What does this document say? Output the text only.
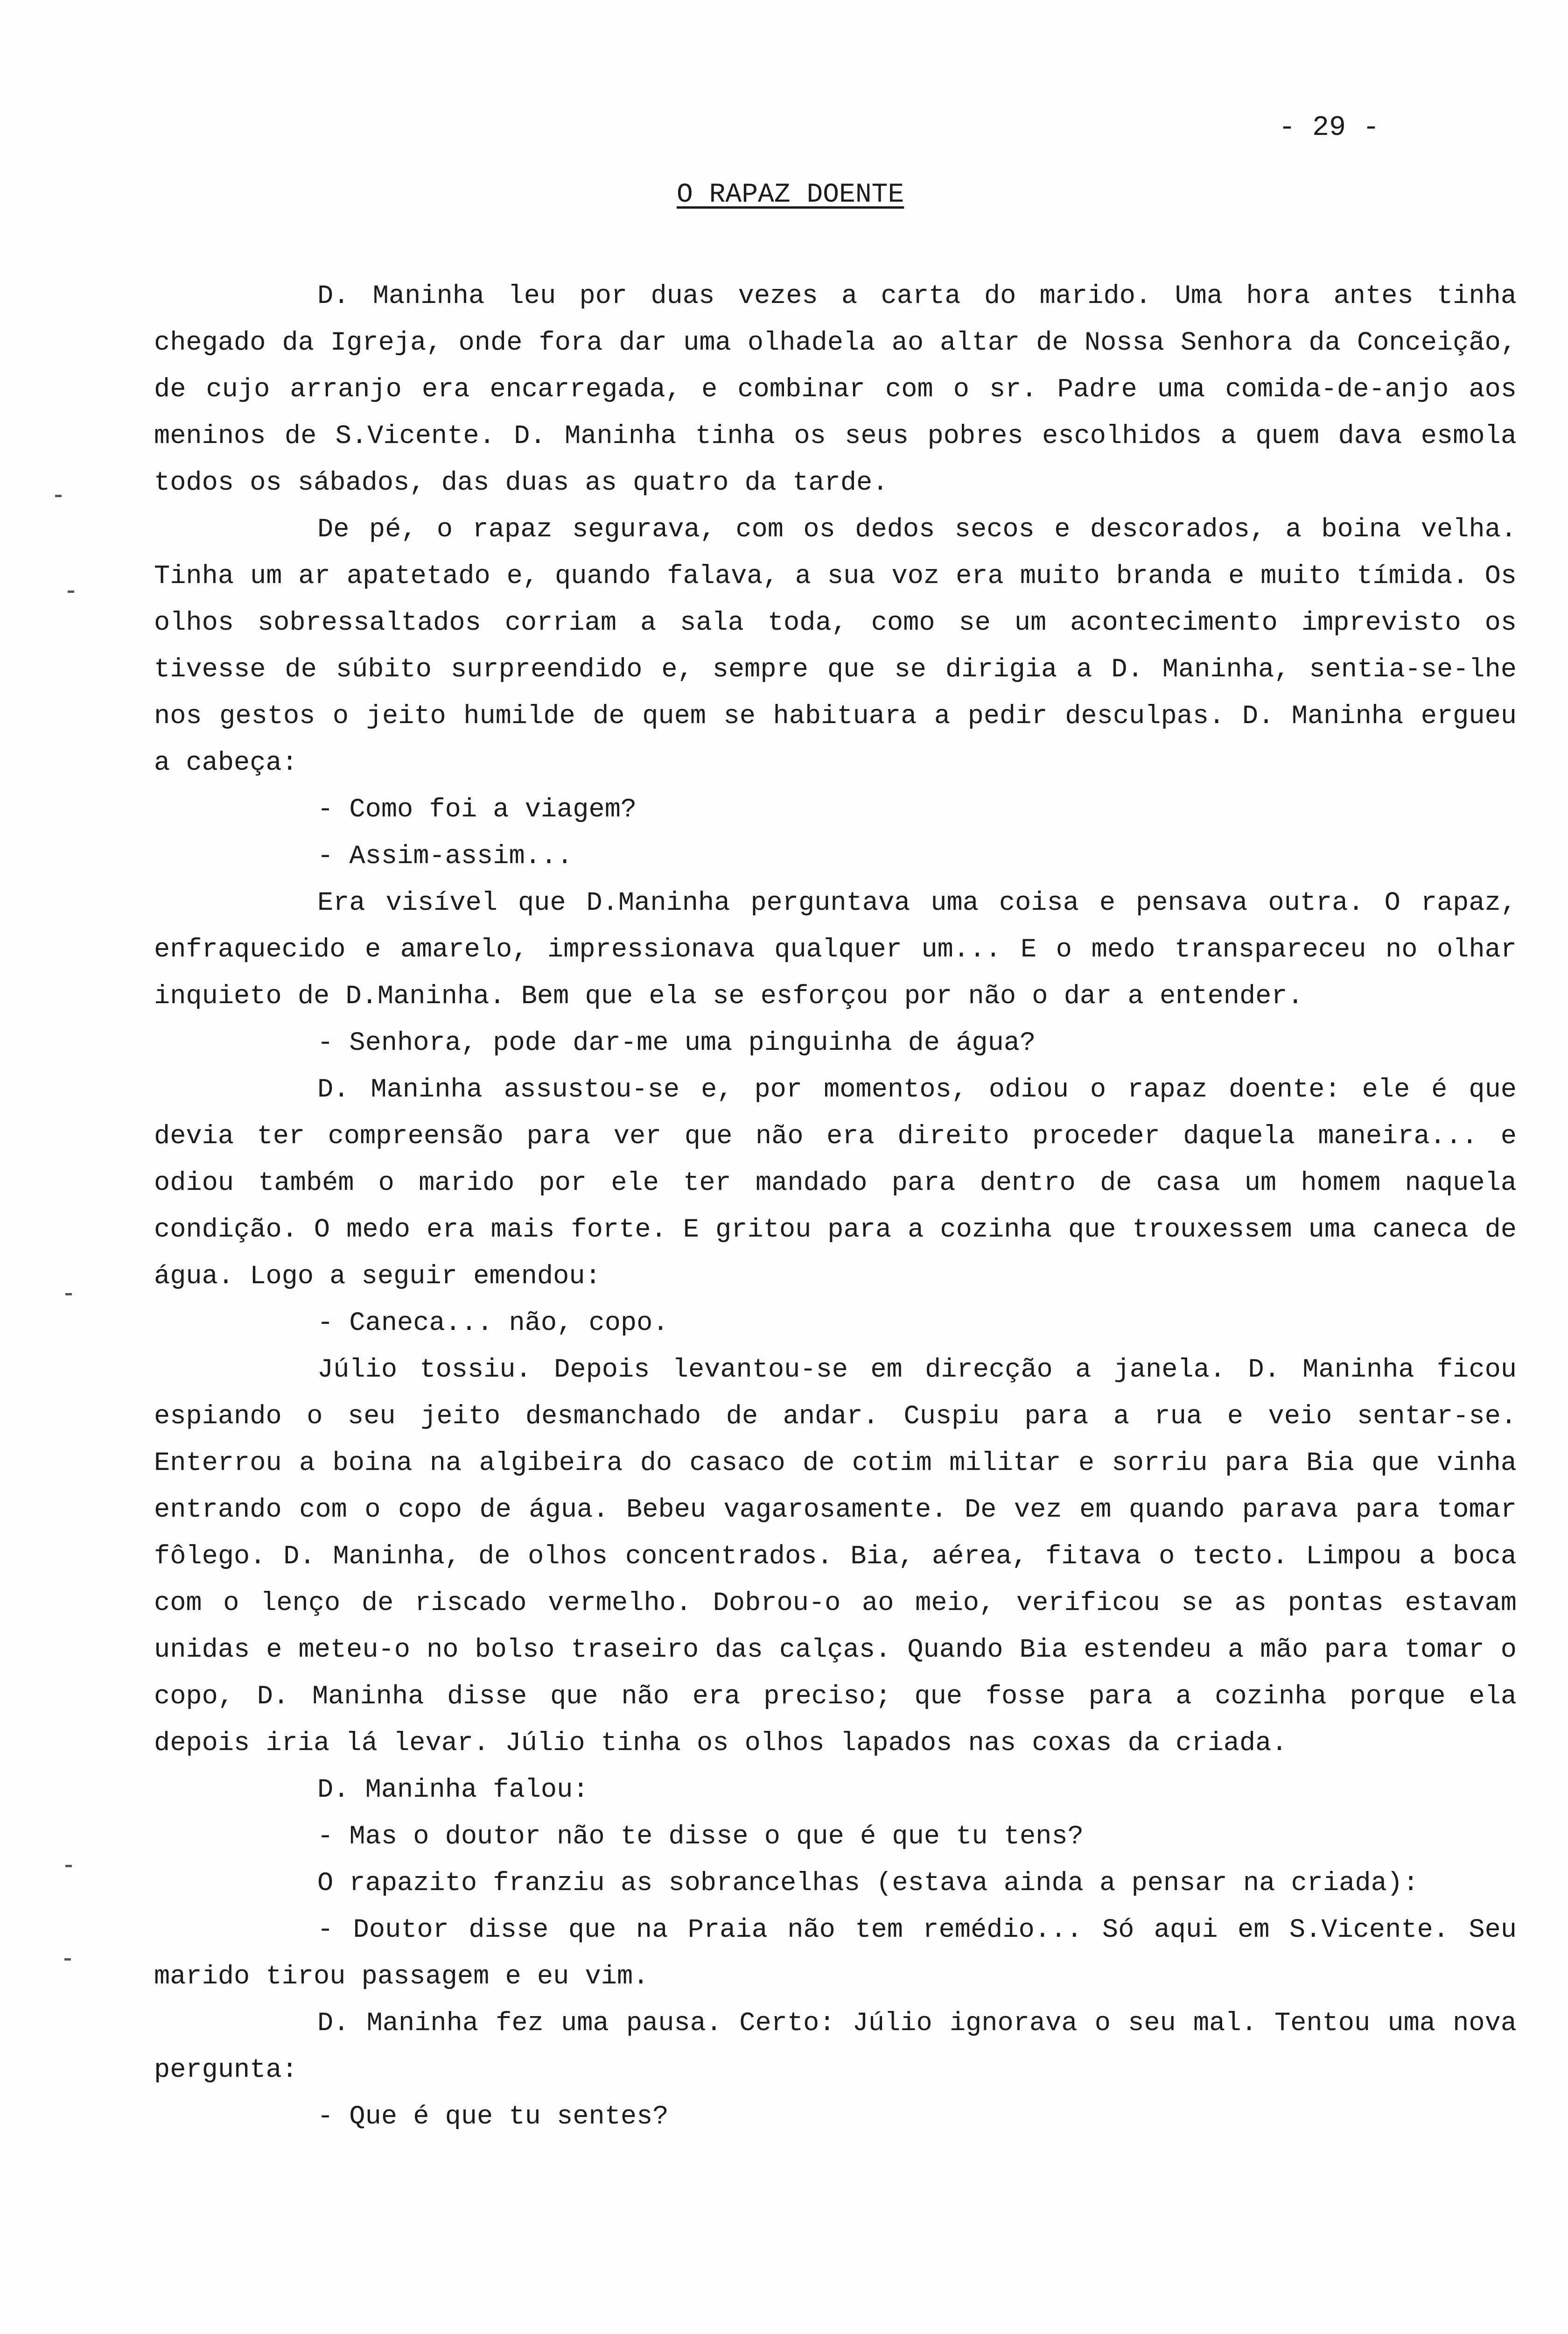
- 29 -
O RAPAZ DOENTE

D. Maninha leu por duas vezes a carta do marido. Uma hora antes tinha chegado da Igreja, onde fora dar uma olhadela ao altar de Nossa Senhora da Conceição, de cujo arranjo era encarregada, e combinar com o sr. Padre uma comida-de-anjo aos meninos de S.Vicente. D. Maninha tinha os seus pobres escolhidos a quem dava esmola todos os sábados, das duas as quatro da tarde.

De pé, o rapaz segurava, com os dedos secos e descorados, a boina velha. Tinha um ar apatetado e, quando falava, a sua voz era muito branda e muito tímida. Os olhos sobressaltados corriam a sala toda, como se um acontecimento imprevisto os tivesse de súbito surpreendido e, sempre que se dirigia a D. Maninha, sentia-se-lhe nos gestos o jeito humilde de quem se habituara a pedir desculpas. D. Maninha ergueu a cabeça:

- Como foi a viagem?

- Assim-assim...

Era visível que D.Maninha perguntava uma coisa e pensava outra. O rapaz, enfraquecido e amarelo, impressionava qualquer um... E o medo transpareceu no olhar inquieto de D.Maninha. Bem que ela se esforçou por não o dar a entender.

- Senhora, pode dar-me uma pinguinha de água?

D. Maninha assustou-se e, por momentos, odiou o rapaz doente: ele é que devia ter compreensão para ver que não era direito proceder daquela maneira... e odiou também o marido por ele ter mandado para dentro de casa um homem naquela condição. O medo era mais forte. E gritou para a cozinha que trouxessem uma caneca de água. Logo a seguir emendou:

- Caneca... não, copo.

Júlio tossiu. Depois levantou-se em direcção a janela. D. Maninha ficou espiando o seu jeito desmanchado de andar. Cuspiu para a rua e veio sentar-se. Enterrou a boina na algibeira do casaco de cotim militar e sorriu para Bia que vinha entrando com o copo de água. Bebeu vagarosamente. De vez em quando parava para tomar fôlego. D. Maninha, de olhos concentrados. Bia, aérea, fitava o tecto. Limpou a boca com o lenço de riscado vermelho. Dobrou-o ao meio, verificou se as pontas estavam unidas e meteu-o no bolso traseiro das calças. Quando Bia estendeu a mão para tomar o copo, D. Maninha disse que não era preciso; que fosse para a cozinha porque ela depois iria lá levar. Júlio tinha os olhos lapados nas coxas da criada.

D. Maninha falou:

- Mas o doutor não te disse o que é que tu tens?

O rapazito franziu as sobrancelhas (estava ainda a pensar na criada):

- Doutor disse que na Praia não tem remédio... Só aqui em S.Vicente. Seu marido tirou passagem e eu vim.

D. Maninha fez uma pausa. Certo: Júlio ignorava o seu mal. Tentou uma nova pergunta:

- Que é que tu sentes?
